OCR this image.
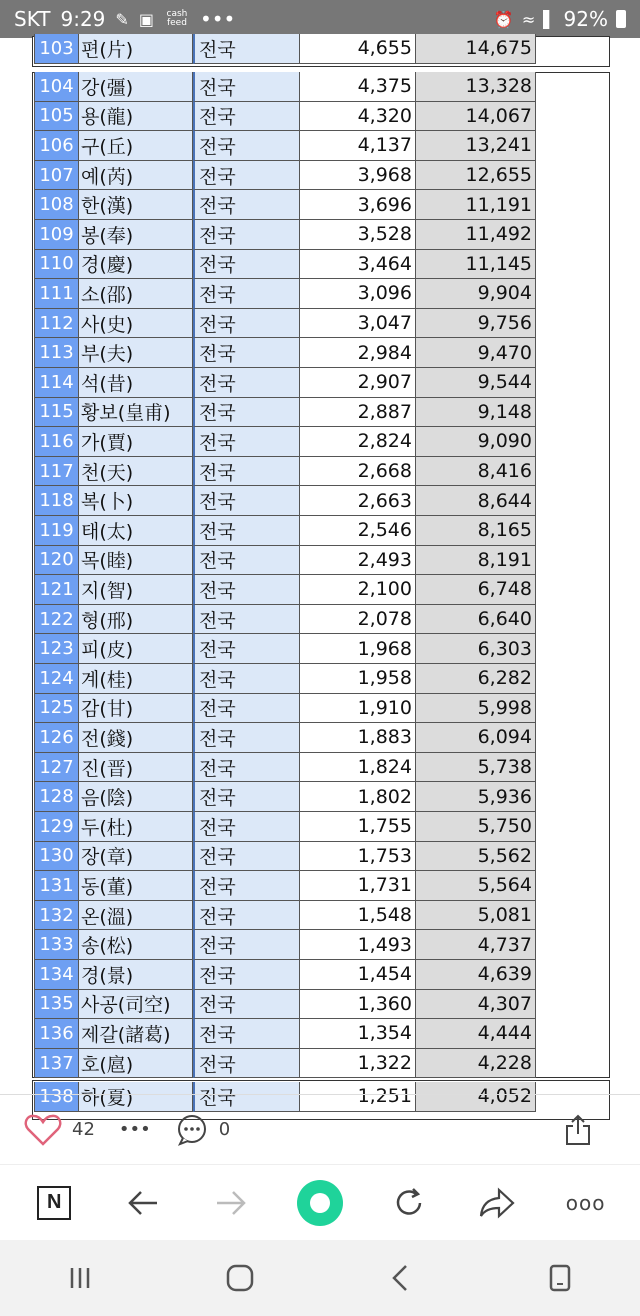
SKT 9:29 ✎ ▣ cash feed •••	⏰ ≈ ▌ 92%
103 편(片)	전국	4,655	14,675
104 강(彊)	전국	4,375	13,328
105 용(龍)	전국	4,320	14,067
106 구(丘)	전국	4,137	13,241
107 예(芮)	전국	3,968	12,655
108 한(漢)	전국	3,696	11,191
109 봉(奉)	전국	3,528	11,492
110 경(慶)	전국	3,464	11,145
111 소(邵)	전국	3,096	9,904
112 사(史)	전국	3,047	9,756
113 부(夫)	전국	2,984	9,470
114 석(昔)	전국	2,907	9,544
115 황보(皇甫)	전국	2,887	9,148
116 가(賈)	전국	2,824	9,090
117 천(天)	전국	2,668	8,416
118 복(卜)	전국	2,663	8,644
119 태(太)	전국	2,546	8,165
120 목(睦)	전국	2,493	8,191
121 지(智)	전국	2,100	6,748
122 형(邢)	전국	2,078	6,640
123 피(皮)	전국	1,968	6,303
124 계(桂)	전국	1,958	6,282
125 감(甘)	전국	1,910	5,998
126 전(錢)	전국	1,883	6,094
127 진(晋)	전국	1,824	5,738
128 음(陰)	전국	1,802	5,936
129 두(杜)	전국	1,755	5,750
130 장(章)	전국	1,753	5,562
131 동(董)	전국	1,731	5,564
132 온(溫)	전국	1,548	5,081
133 송(松)	전국	1,493	4,737
134 경(景)	전국	1,454	4,639
135 사공(司空)	전국	1,360	4,307
136 제갈(諸葛)	전국	1,354	4,444
137 호(扈)	전국	1,322	4,228
138 하(夏)	전국	1,251	4,052
42 •••	0
N	ooo
